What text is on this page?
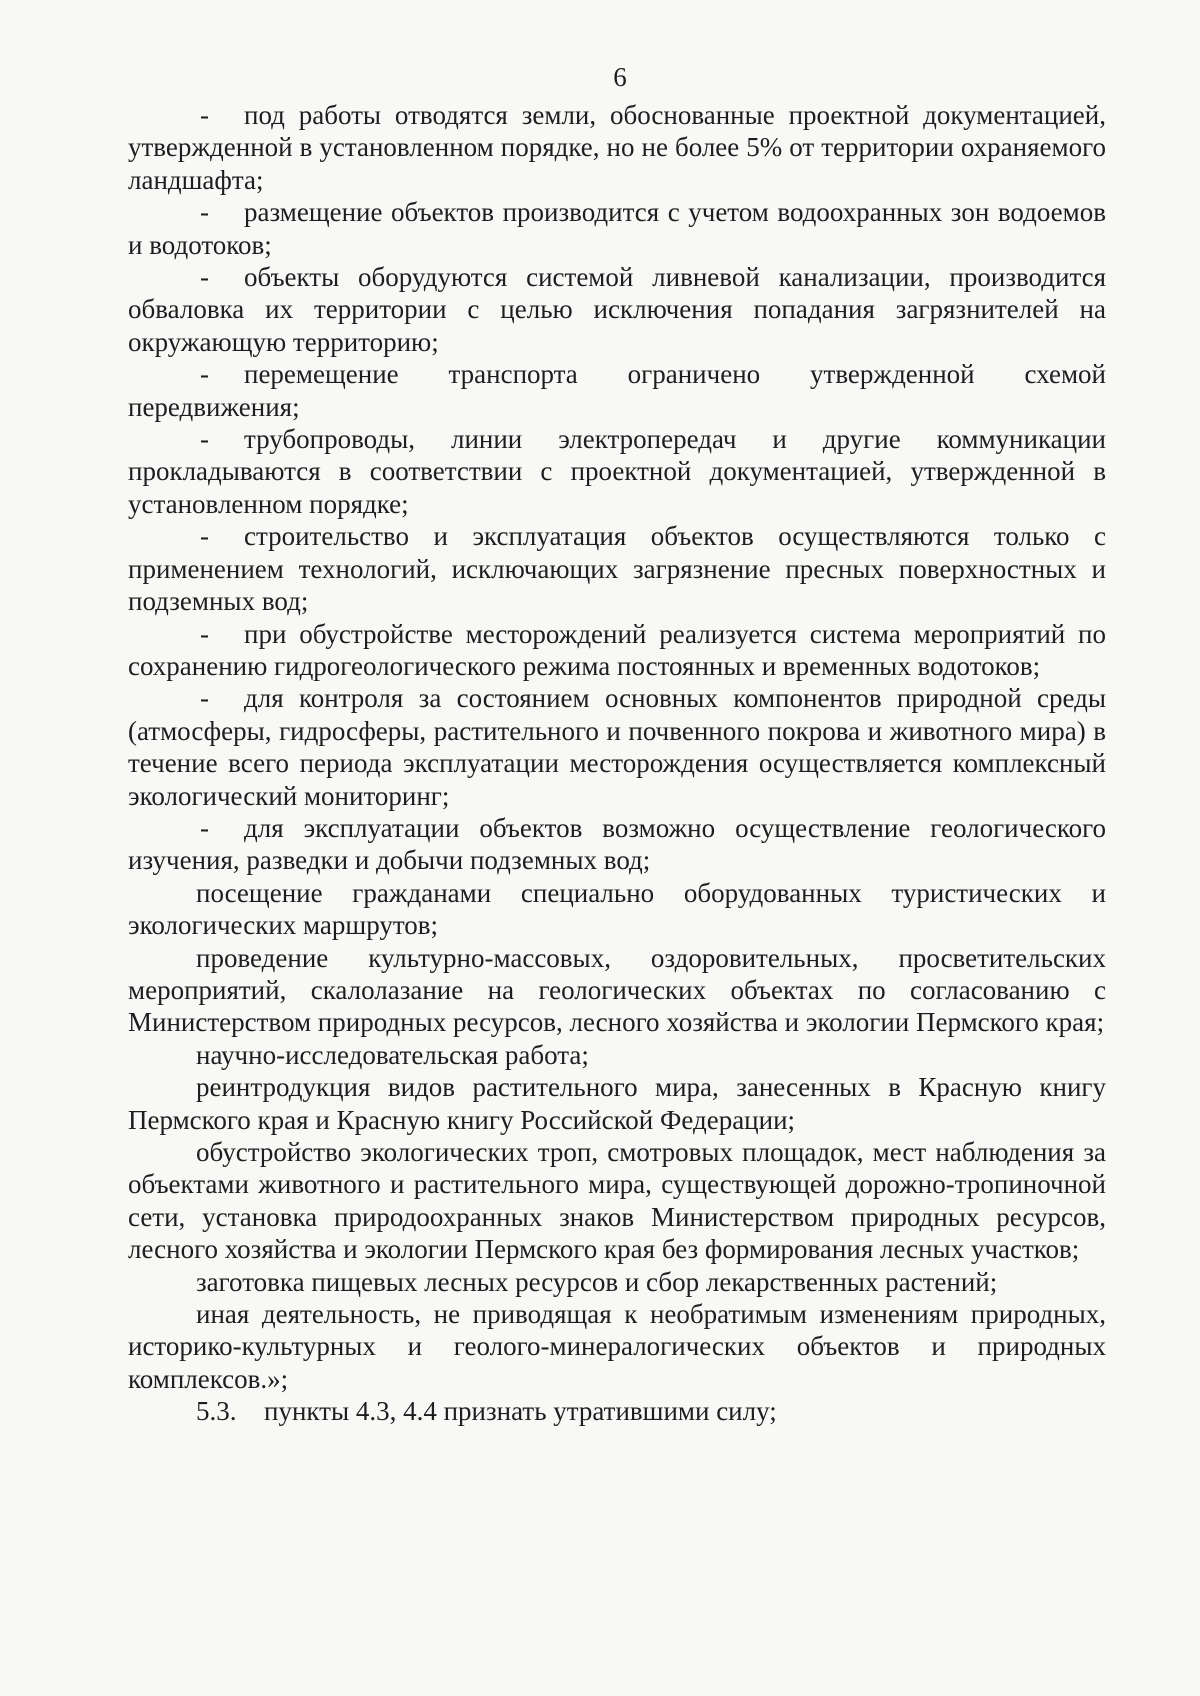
6

- под работы отводятся земли, обоснованные проектной документацией, утвержденной в установленном порядке, но не более 5% от территории охраняемого ландшафта;

- размещение объектов производится с учетом водоохранных зон водоемов и водотоков;

- объекты оборудуются системой ливневой канализации, производится обваловка их территории с целью исключения попадания загрязнителей на окружающую территорию;

- перемещение транспорта ограничено утвержденной схемой передвижения;

- трубопроводы, линии электропередач и другие коммуникации прокладываются в соответствии с проектной документацией, утвержденной в установленном порядке;

- строительство и эксплуатация объектов осуществляются только с применением технологий, исключающих загрязнение пресных поверхностных и подземных вод;

- при обустройстве месторождений реализуется система мероприятий по сохранению гидрогеологического режима постоянных и временных водотоков;

- для контроля за состоянием основных компонентов природной среды (атмосферы, гидросферы, растительного и почвенного покрова и животного мира) в течение всего периода эксплуатации месторождения осуществляется комплексный экологический мониторинг;

- для эксплуатации объектов возможно осуществление геологического изучения, разведки и добычи подземных вод;

посещение гражданами специально оборудованных туристических и экологических маршрутов;

проведение культурно-массовых, оздоровительных, просветительских мероприятий, скалолазание на геологических объектах по согласованию с Министерством природных ресурсов, лесного хозяйства и экологии Пермского края;

научно-исследовательская работа;

реинтродукция видов растительного мира, занесенных в Красную книгу Пермского края и Красную книгу Российской Федерации;

обустройство экологических троп, смотровых площадок, мест наблюдения за объектами животного и растительного мира, существующей дорожно-тропиночной сети, установка природоохранных знаков Министерством природных ресурсов, лесного хозяйства и экологии Пермского края без формирования лесных участков;

заготовка пищевых лесных ресурсов и сбор лекарственных растений;

иная деятельность, не приводящая к необратимым изменениям природных, историко-культурных и геолого-минералогических объектов и природных комплексов.»;

5.3. пункты 4.3, 4.4 признать утратившими силу;
